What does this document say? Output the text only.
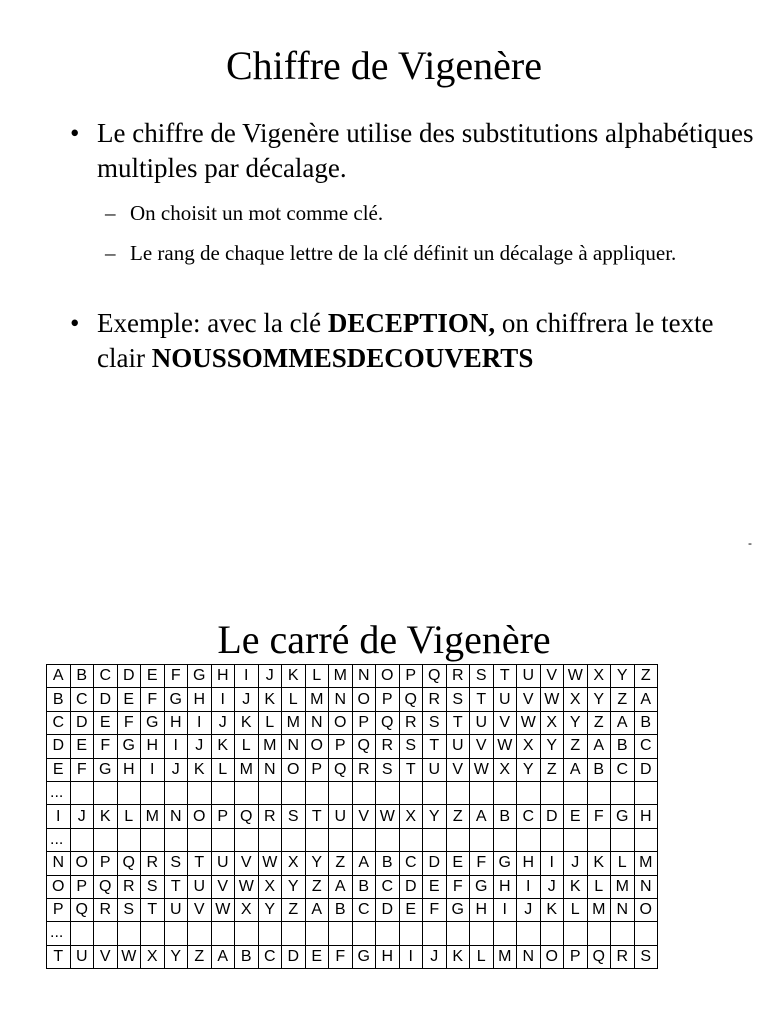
Chiffre de Vigenère
• Le chiffre de Vigenère utilise des substitutions alphabétiques multiples par décalage.
– On choisit un mot comme clé.
– Le rang de chaque lettre de la clé définit un décalage à appliquer.
• Exemple: avec la clé DECEPTION, on chiffrera le texte clair NOUSSOMMESDECOUVERTS
-
Le carré de Vigenère
A	B	C	D	E	F	G	H	I	J	K	L	M	N	O	P	Q	R	S	T	U	V	W	X	Y	Z
B	C	D	E	F	G	H	I	J	K	L	M	N	O	P	Q	R	S	T	U	V	W	X	Y	Z	A
C	D	E	F	G	H	I	J	K	L	M	N	O	P	Q	R	S	T	U	V	W	X	Y	Z	A	B
D	E	F	G	H	I	J	K	L	M	N	O	P	Q	R	S	T	U	V	W	X	Y	Z	A	B	C
E	F	G	H	I	J	K	L	M	N	O	P	Q	R	S	T	U	V	W	X	Y	Z	A	B	C	D
...																									
I	J	K	L	M	N	O	P	Q	R	S	T	U	V	W	X	Y	Z	A	B	C	D	E	F	G	H
...																									
N	O	P	Q	R	S	T	U	V	W	X	Y	Z	A	B	C	D	E	F	G	H	I	J	K	L	M
O	P	Q	R	S	T	U	V	W	X	Y	Z	A	B	C	D	E	F	G	H	I	J	K	L	M	N
P	Q	R	S	T	U	V	W	X	Y	Z	A	B	C	D	E	F	G	H	I	J	K	L	M	N	O
...																									
T	U	V	W	X	Y	Z	A	B	C	D	E	F	G	H	I	J	K	L	M	N	O	P	Q	R	S
